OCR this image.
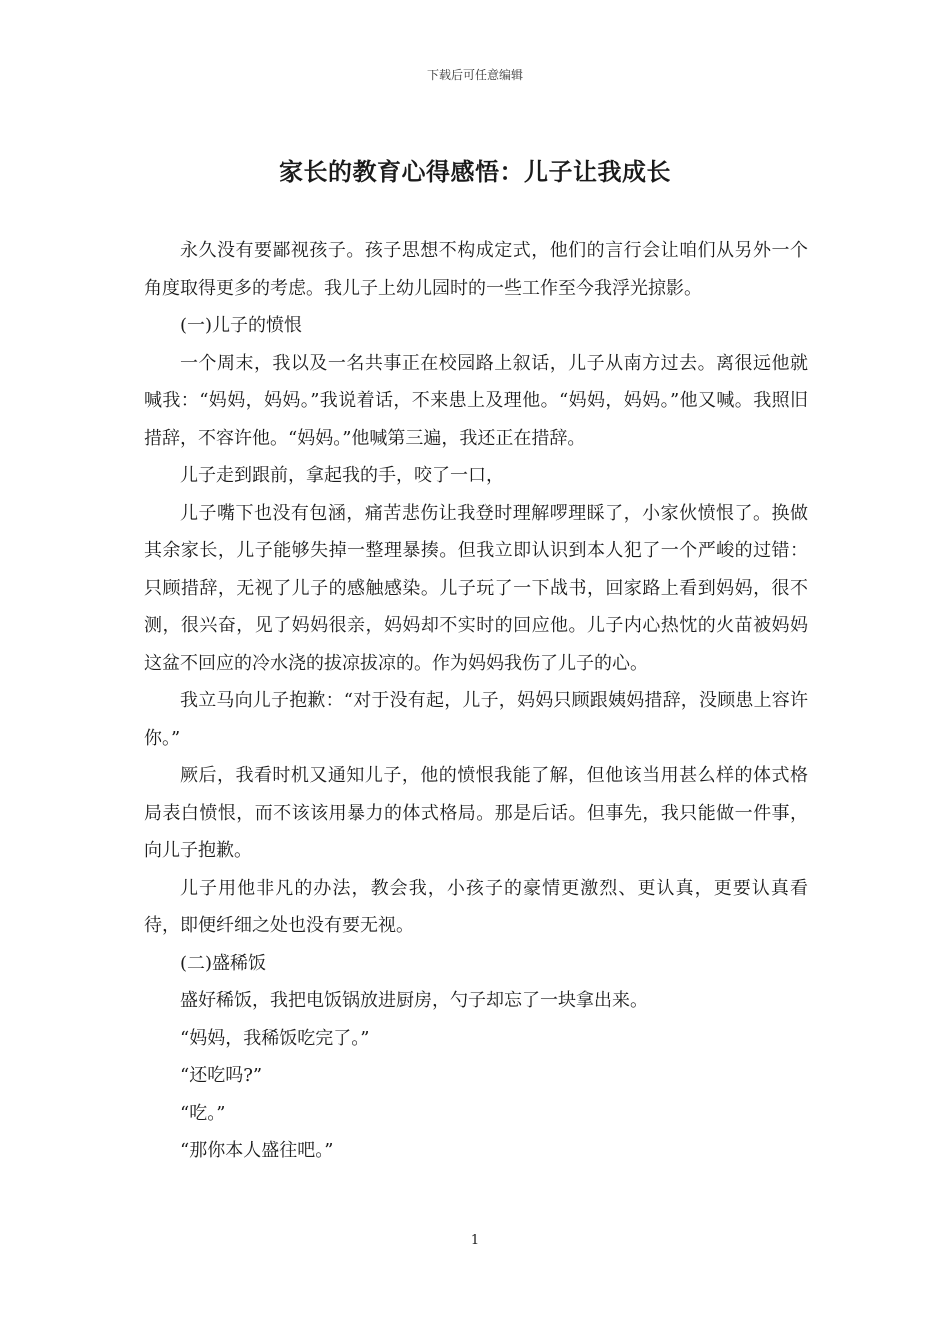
下载后可任意编辑
家长的教育心得感悟：儿子让我成长

永久没有要鄙视孩子。孩子思想不构成定式，他们的言行会让咱们从另外一个角度取得更多的考虑。我儿子上幼儿园时的一些工作至今我浮光掠影。

(一)儿子的愤恨

一个周末，我以及一名共事正在校园路上叙话，儿子从南方过去。离很远他就喊我：“妈妈，妈妈。”我说着话，不来患上及理他。“妈妈，妈妈。”他又喊。我照旧措辞，不容许他。“妈妈。”他喊第三遍，我还正在措辞。

儿子走到跟前，拿起我的手，咬了一口，

儿子嘴下也没有包涵，痛苦悲伤让我登时理解啰理睬了，小家伙愤恨了。换做其余家长，儿子能够失掉一整理暴揍。但我立即认识到本人犯了一个严峻的过错：只顾措辞，无视了儿子的感触感染。儿子玩了一下战书，回家路上看到妈妈，很不测，很兴奋，见了妈妈很亲，妈妈却不实时的回应他。儿子内心热忱的火苗被妈妈这盆不回应的冷水浇的拔凉拔凉的。作为妈妈我伤了儿子的心。

我立马向儿子抱歉：“对于没有起，儿子，妈妈只顾跟姨妈措辞，没顾患上容许你。”

厥后，我看时机又通知儿子，他的愤恨我能了解，但他该当用甚么样的体式格局表白愤恨，而不该该用暴力的体式格局。那是后话。但事先，我只能做一件事，向儿子抱歉。

儿子用他非凡的办法，教会我，小孩子的豪情更激烈、更认真，更要认真看待，即便纤细之处也没有要无视。

(二)盛稀饭

盛好稀饭，我把电饭锅放进厨房，勺子却忘了一块拿出来。

“妈妈，我稀饭吃完了。”

“还吃吗?”

“吃。”

“那你本人盛往吧。”

1
